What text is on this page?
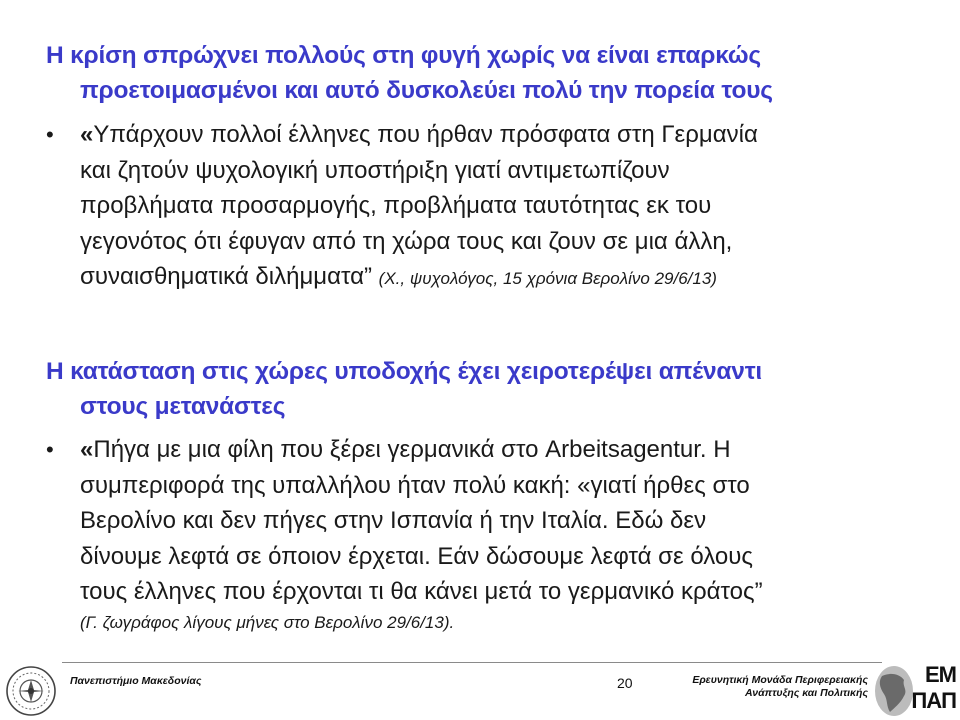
Η κρίση σπρώχνει πολλούς στη φυγή χωρίς να είναι επαρκώς
προετοιμασμένοι και αυτό δυσκολεύει πολύ την πορεία τους
•	«Υπάρχουν πολλοί έλληνες που ήρθαν πρόσφατα στη Γερμανία
και ζητούν ψυχολογική υποστήριξη γιατί αντιμετωπίζουν
προβλήματα προσαρμογής, προβλήματα ταυτότητας εκ του
γεγονότος ότι έφυγαν από τη χώρα τους και ζουν σε μια άλλη,
συναισθηματικά διλήμματα” (Χ., ψυχολόγος, 15 χρόνια Βερολίνο 29/6/13)
Η κατάσταση στις χώρες υποδοχής έχει χειροτερέψει απέναντι
στους μετανάστες
•	«Πήγα με μια φίλη που ξέρει γερμανικά στο Arbeitsagentur. Η
συμπεριφορά της υπαλλήλου ήταν πολύ κακή: «γιατί ήρθες στο
Βερολίνο και δεν πήγες στην Ισπανία ή την Ιταλία. Εδώ δεν
δίνουμε λεφτά σε όποιον έρχεται. Εάν δώσουμε λεφτά σε όλους
τους έλληνες που έρχονται τι θα κάνει μετά το γερμανικό κράτος”
(Γ. ζωγράφος λίγους μήνες στο Βερολίνο 29/6/13).
Πανεπιστήμιο Μακεδονίας	20	Ερευνητική Μονάδα Περιφερειακής
Ανάπτυξης και Πολιτικής
ΕΜ
ΠΑΠ
